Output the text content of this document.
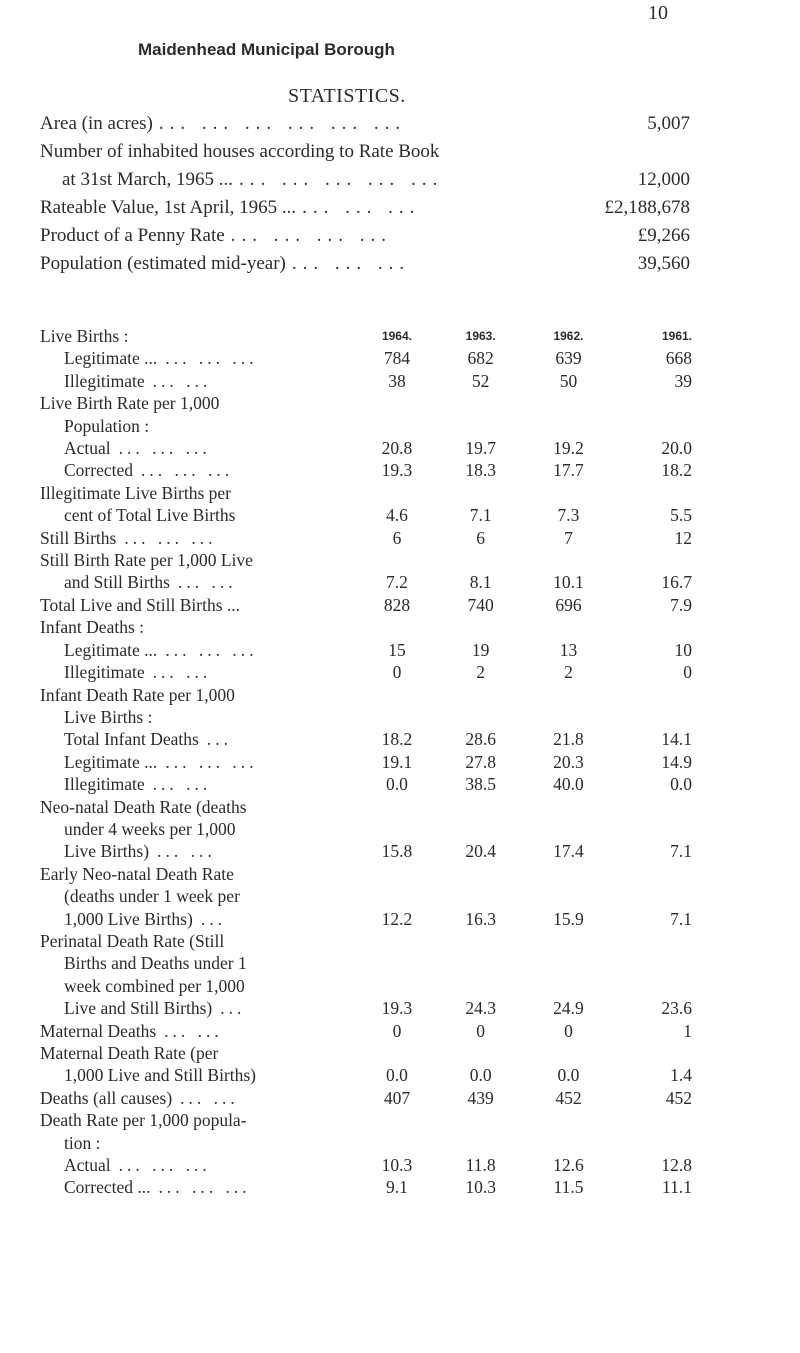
10
Maidenhead Municipal Borough
STATISTICS.
Area (in acres) ... ... ... ... ... ...	5,007
Number of inhabited houses according to Rate Book
at 31st March, 1965 ... ... ... ... ... ...	12,000
Rateable Value, 1st April, 1965 ... ... ... ...	£2,188,678
Product of a Penny Rate ... ... ... ...	£9,266
Population (estimated mid-year) ... ... ...	39,560
Live Births :	1964.	1963.	1962.	1961.
Legitimate ... ... ... ...	784	682	639	668
Illegitimate ... ...	38	52	50	39
Live Birth Rate per 1,000				
Population :				
Actual ... ... ...	20.8	19.7	19.2	20.0
Corrected ... ... ...	19.3	18.3	17.7	18.2
Illegitimate Live Births per				
cent of Total Live Births	4.6	7.1	7.3	5.5
Still Births ... ... ...	6	6	7	12
Still Birth Rate per 1,000 Live				
and Still Births ... ...	7.2	8.1	10.1	16.7
Total Live and Still Births ...	828	740	696	7.9
Infant Deaths :				
Legitimate ... ... ... ...	15	19	13	10
Illegitimate ... ...	0	2	2	0
Infant Death Rate per 1,000				
Live Births :				
Total Infant Deaths ...	18.2	28.6	21.8	14.1
Legitimate ... ... ... ...	19.1	27.8	20.3	14.9
Illegitimate ... ...	0.0	38.5	40.0	0.0
Neo-natal Death Rate (deaths				
under 4 weeks per 1,000				
Live Births) ... ...	15.8	20.4	17.4	7.1
Early Neo-natal Death Rate				
(deaths under 1 week per				
1,000 Live Births) ...	12.2	16.3	15.9	7.1
Perinatal Death Rate (Still				
Births and Deaths under 1				
week combined per 1,000				
Live and Still Births) ...	19.3	24.3	24.9	23.6
Maternal Deaths ... ...	0	0	0	1
Maternal Death Rate (per				
1,000 Live and Still Births)	0.0	0.0	0.0	1.4
Deaths (all causes) ... ...	407	439	452	452
Death Rate per 1,000 popula-				
tion :				
Actual ... ... ...	10.3	11.8	12.6	12.8
Corrected ... ... ... ...	9.1	10.3	11.5	11.1
